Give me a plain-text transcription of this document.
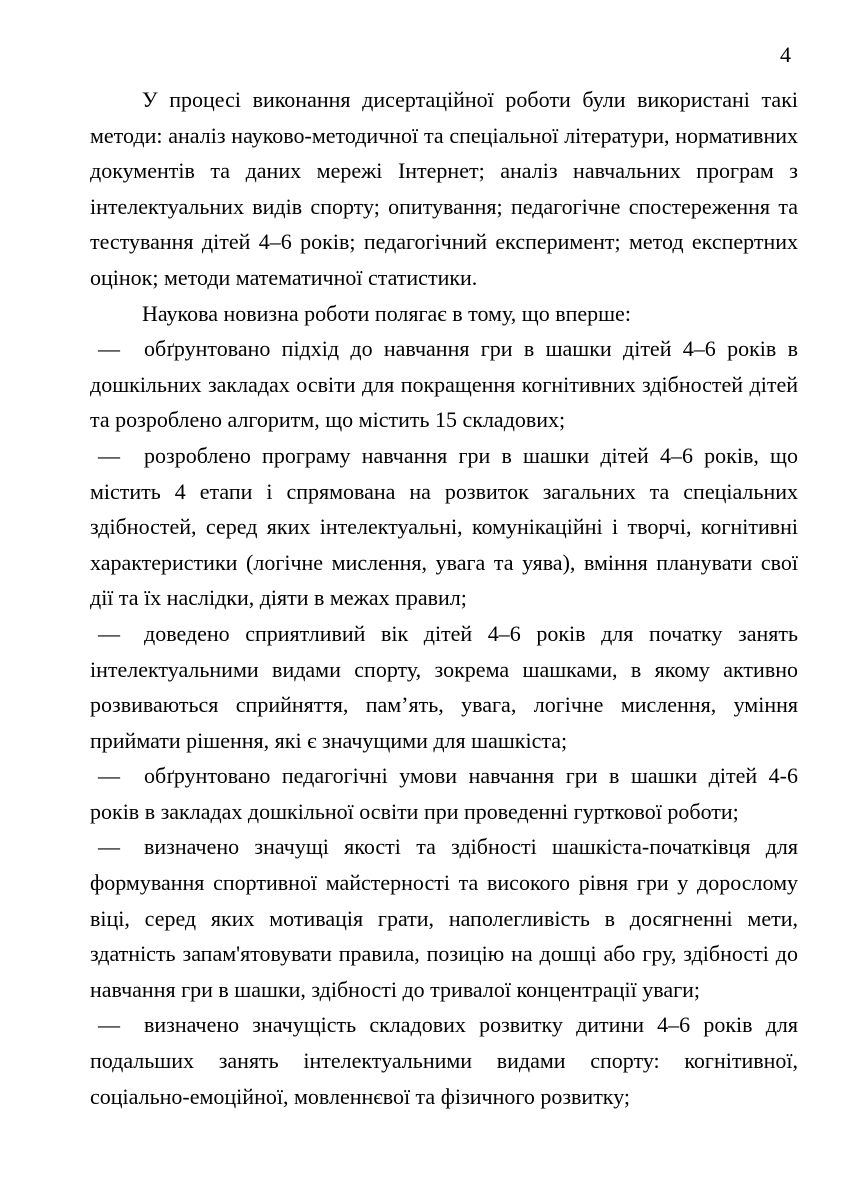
4

У процесі виконання дисертаційної роботи були використані такі методи: аналіз науково-методичної та спеціальної літератури, нормативних документів та даних мережі Інтернет; аналіз навчальних програм з інтелектуальних видів спорту; опитування; педагогічне спостереження та тестування дітей 4–6 років; педагогічний експеримент; метод експертних оцінок; методи математичної статистики.

Наукова новизна роботи полягає в тому, що вперше:

— обґрунтовано підхід до навчання гри в шашки дітей 4–6 років в дошкільних закладах освіти для покращення когнітивних здібностей дітей та розроблено алгоритм, що містить 15 складових;

— розроблено програму навчання гри в шашки дітей 4–6 років, що містить 4 етапи і спрямована на розвиток загальних та спеціальних здібностей, серед яких інтелектуальні, комунікаційні і творчі, когнітивні характеристики (логічне мислення, увага та уява), вміння планувати свої дії та їх наслідки, діяти в межах правил;

— доведено сприятливий вік дітей 4–6 років для початку занять інтелектуальними видами спорту, зокрема шашками, в якому активно розвиваються сприйняття, пам’ять, увага, логічне мислення, уміння приймати рішення, які є значущими для шашкіста;

— обґрунтовано педагогічні умови навчання гри в шашки дітей 4-6 років в закладах дошкільної освіти при проведенні гурткової роботи;

— визначено значущі якості та здібності шашкіста-початківця для формування спортивної майстерності та високого рівня гри у дорослому віці, серед яких мотивація грати, наполегливість в досягненні мети, здатність запам'ятовувати правила, позицію на дошці або гру, здібності до навчання гри в шашки, здібності до тривалої концентрації уваги;

— визначено значущість складових розвитку дитини 4–6 років для подальших занять інтелектуальними видами спорту: когнітивної, соціально-емоційної, мовленнєвої та фізичного розвитку;
